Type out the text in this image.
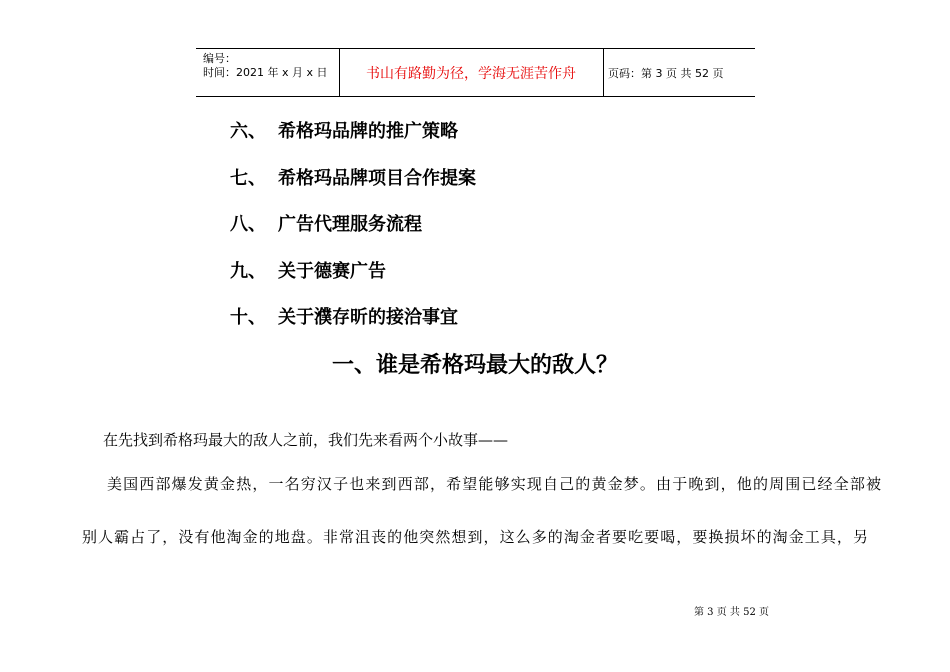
编号：
时间：2021 年 x 月 x 日	书山有路勤为径，学海无涯苦作舟	页码：第 3 页 共 52 页
六、 希格玛品牌的推广策略
七、 希格玛品牌项目合作提案
八、 广告代理服务流程
九、 关于德赛广告
十、 关于濮存昕的接洽事宜
一、谁是希格玛最大的敌人？
在先找到希格玛最大的敌人之前，我们先来看两个小故事——
美国西部爆发黄金热，一名穷汉子也来到西部，希望能够实现自己的黄金梦。由于晚到，他的周围已经全部被
别人霸占了，没有他淘金的地盘。非常沮丧的他突然想到，这么多的淘金者要吃要喝，要换损坏的淘金工具，另
第 3 页 共 52 页
